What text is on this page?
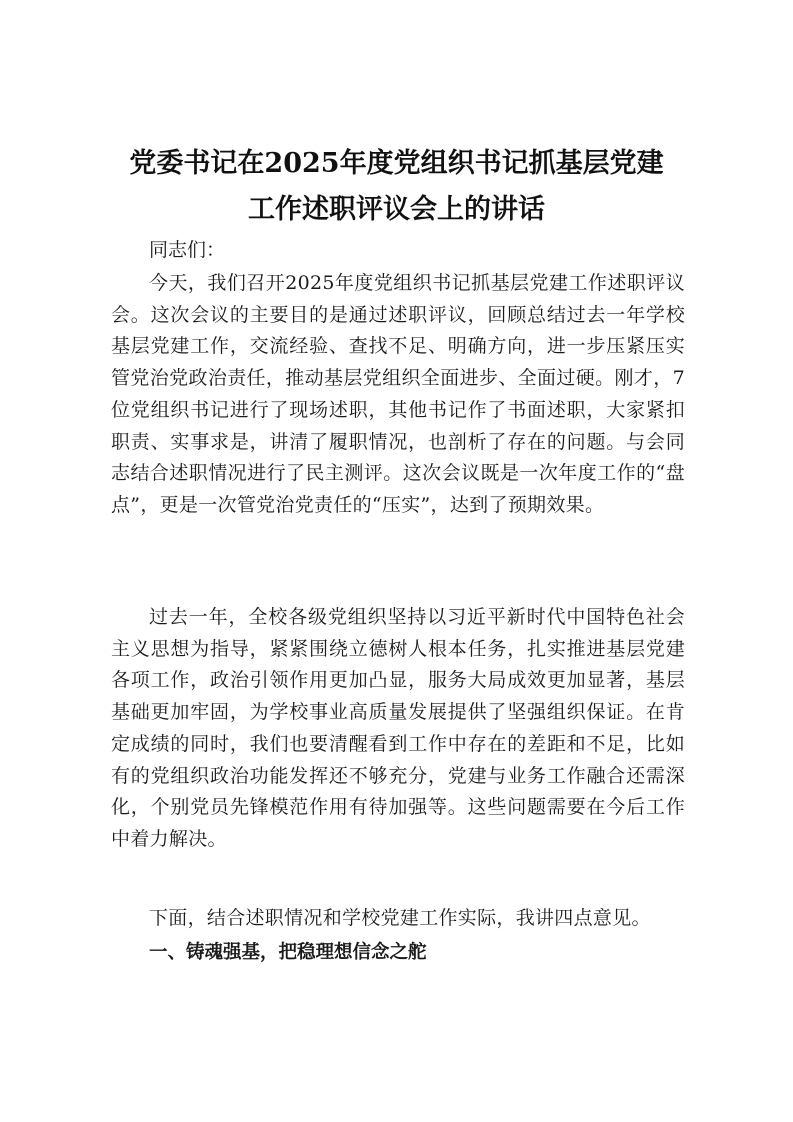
党委书记在2025年度党组织书记抓基层党建
工作述职评议会上的讲话

同志们：

今天，我们召开2025年度党组织书记抓基层党建工作述职评议会。这次会议的主要目的是通过述职评议，回顾总结过去一年学校基层党建工作，交流经验、查找不足、明确方向，进一步压紧压实管党治党政治责任，推动基层党组织全面进步、全面过硬。刚才，7位党组织书记进行了现场述职，其他书记作了书面述职，大家紧扣职责、实事求是，讲清了履职情况，也剖析了存在的问题。与会同志结合述职情况进行了民主测评。这次会议既是一次年度工作的“盘点”，更是一次管党治党责任的“压实”，达到了预期效果。

过去一年，全校各级党组织坚持以习近平新时代中国特色社会主义思想为指导，紧紧围绕立德树人根本任务，扎实推进基层党建各项工作，政治引领作用更加凸显，服务大局成效更加显著，基层基础更加牢固，为学校事业高质量发展提供了坚强组织保证。在肯定成绩的同时，我们也要清醒看到工作中存在的差距和不足，比如有的党组织政治功能发挥还不够充分，党建与业务工作融合还需深化，个别党员先锋模范作用有待加强等。这些问题需要在今后工作中着力解决。

下面，结合述职情况和学校党建工作实际，我讲四点意见。

一、铸魂强基，把稳理想信念之舵
